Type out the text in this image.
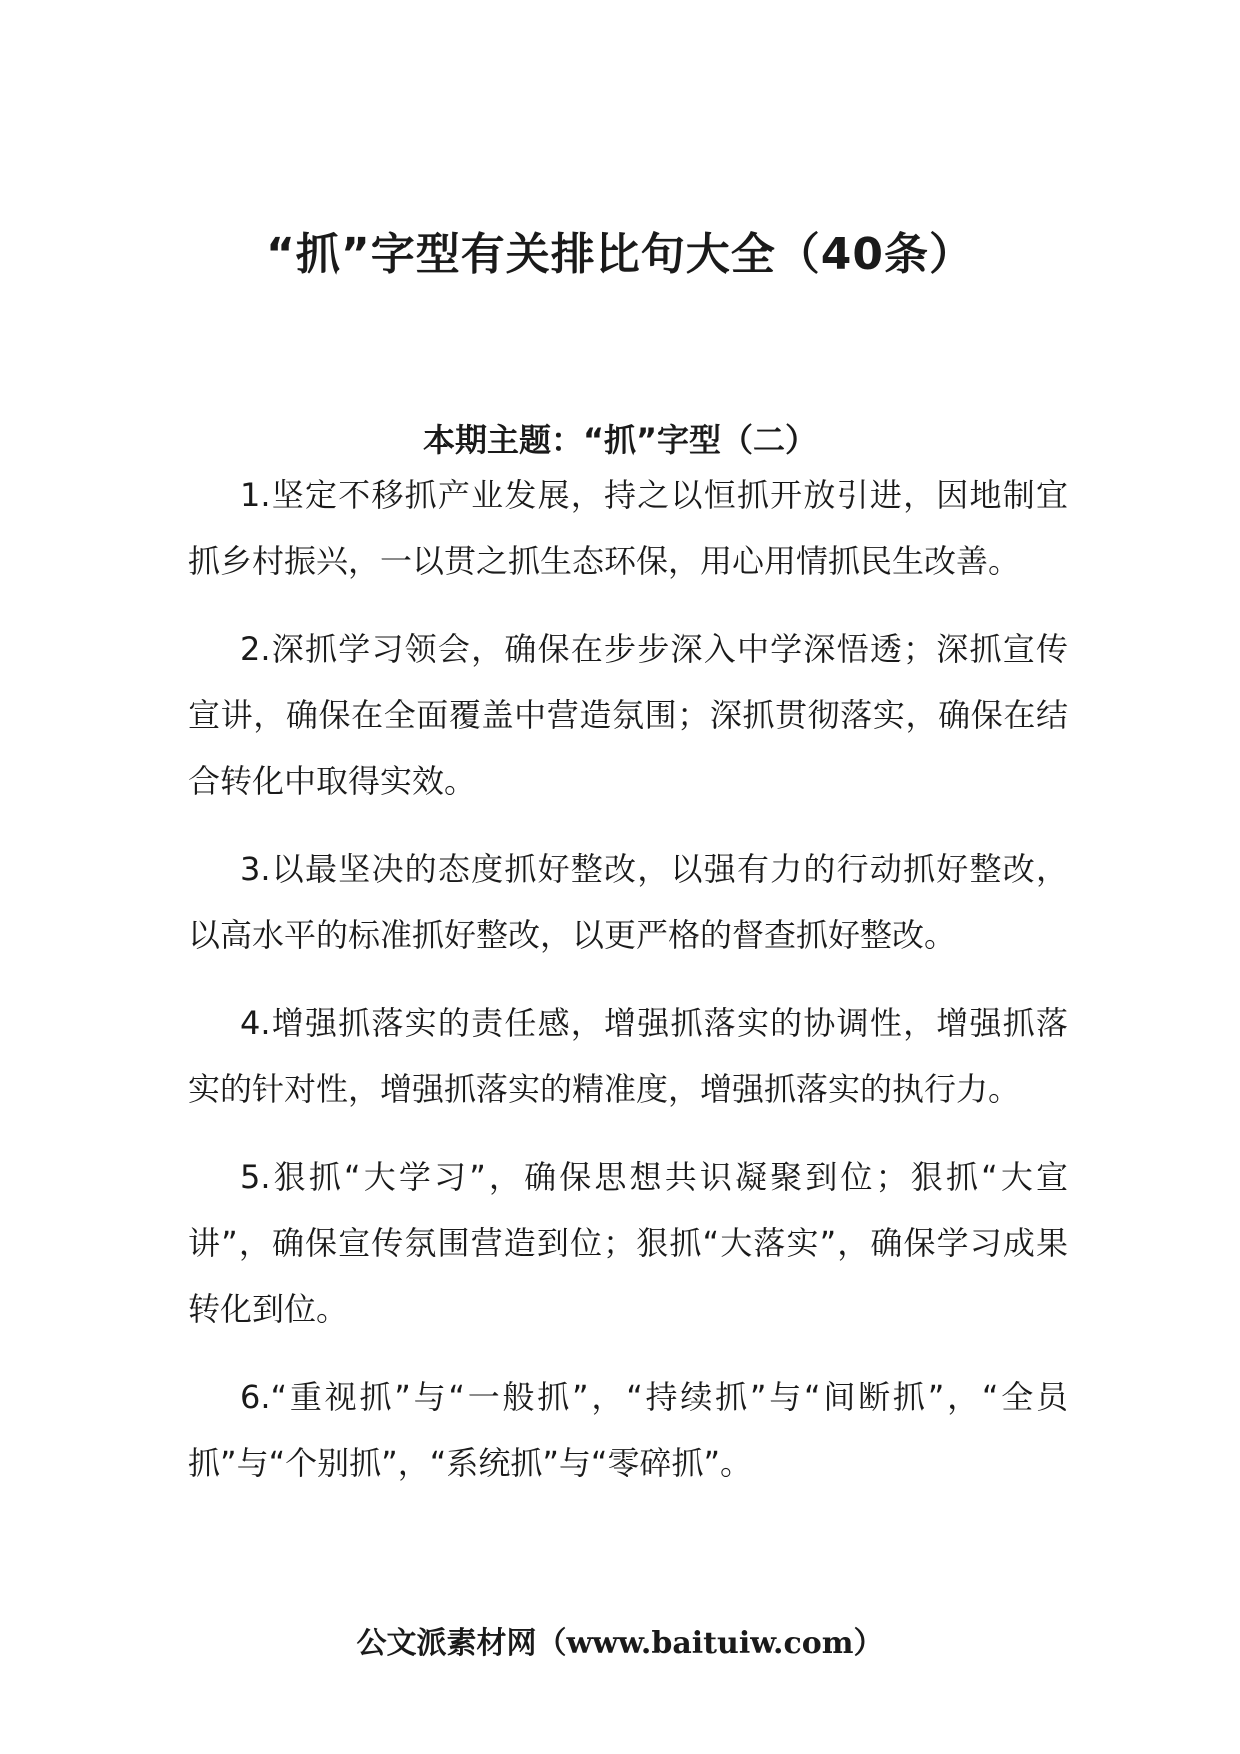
“抓”字型有关排比句大全（40条）
本期主题：“抓”字型（二）

1.坚定不移抓产业发展，持之以恒抓开放引进，因地制宜抓乡村振兴，一以贯之抓生态环保，用心用情抓民生改善。

2.深抓学习领会，确保在步步深入中学深悟透；深抓宣传宣讲，确保在全面覆盖中营造氛围；深抓贯彻落实，确保在结合转化中取得实效。

3.以最坚决的态度抓好整改，以强有力的行动抓好整改，以高水平的标准抓好整改，以更严格的督查抓好整改。

4.增强抓落实的责任感，增强抓落实的协调性，增强抓落实的针对性，增强抓落实的精准度，增强抓落实的执行力。

5.狠抓“大学习”，确保思想共识凝聚到位；狠抓“大宣讲”，确保宣传氛围营造到位；狠抓“大落实”，确保学习成果转化到位。

6.“重视抓”与“一般抓”，“持续抓”与“间断抓”，“全员抓”与“个别抓”，“系统抓”与“零碎抓”。

公文派素材网（www.baituiw.com）
